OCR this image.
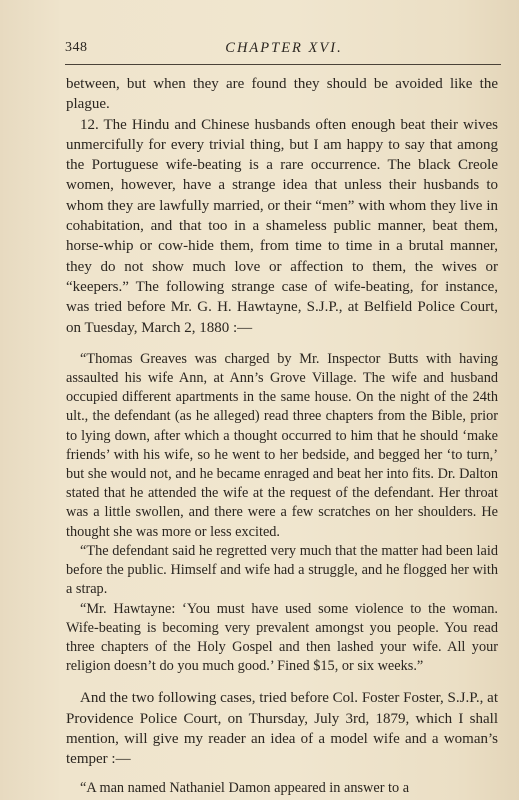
348	CHAPTER XVI.

between, but when they are found they should be avoided like the plague.

12. The Hindu and Chinese husbands often enough beat their wives unmercifully for every trivial thing, but I am happy to say that among the Portuguese wife-beating is a rare occurrence. The black Creole women, however, have a strange idea that unless their husbands to whom they are lawfully married, or their “men” with whom they live in cohabitation, and that too in a shameless public manner, beat them, horse-whip or cow-hide them, from time to time in a brutal manner, they do not show much love or affection to them, the wives or “keepers.” The following strange case of wife-beating, for instance, was tried before Mr. G. H. Hawtayne, S.J.P., at Belfield Police Court, on Tuesday, March 2, 1880 :—

“Thomas Greaves was charged by Mr. Inspector Butts with having assaulted his wife Ann, at Ann’s Grove Village. The wife and husband occupied different apartments in the same house. On the night of the 24th ult., the defendant (as he alleged) read three chapters from the Bible, prior to lying down, after which a thought occurred to him that he should ‘make friends’ with his wife, so he went to her bedside, and begged her ‘to turn,’ but she would not, and he became enraged and beat her into fits. Dr. Dalton stated that he attended the wife at the request of the defendant. Her throat was a little swollen, and there were a few scratches on her shoulders. He thought she was more or less excited.

“The defendant said he regretted very much that the matter had been laid before the public. Himself and wife had a struggle, and he flogged her with a strap.

“Mr. Hawtayne: ‘You must have used some violence to the woman. Wife-beating is becoming very prevalent amongst you people. You read three chapters of the Holy Gospel and then lashed your wife. All your religion doesn’t do you much good.’ Fined $15, or six weeks.”

And the two following cases, tried before Col. Foster Foster, S.J.P., at Providence Police Court, on Thursday, July 3rd, 1879, which I shall mention, will give my reader an idea of a model wife and a woman’s temper :—

“A man named Nathaniel Damon appeared in answer to a
